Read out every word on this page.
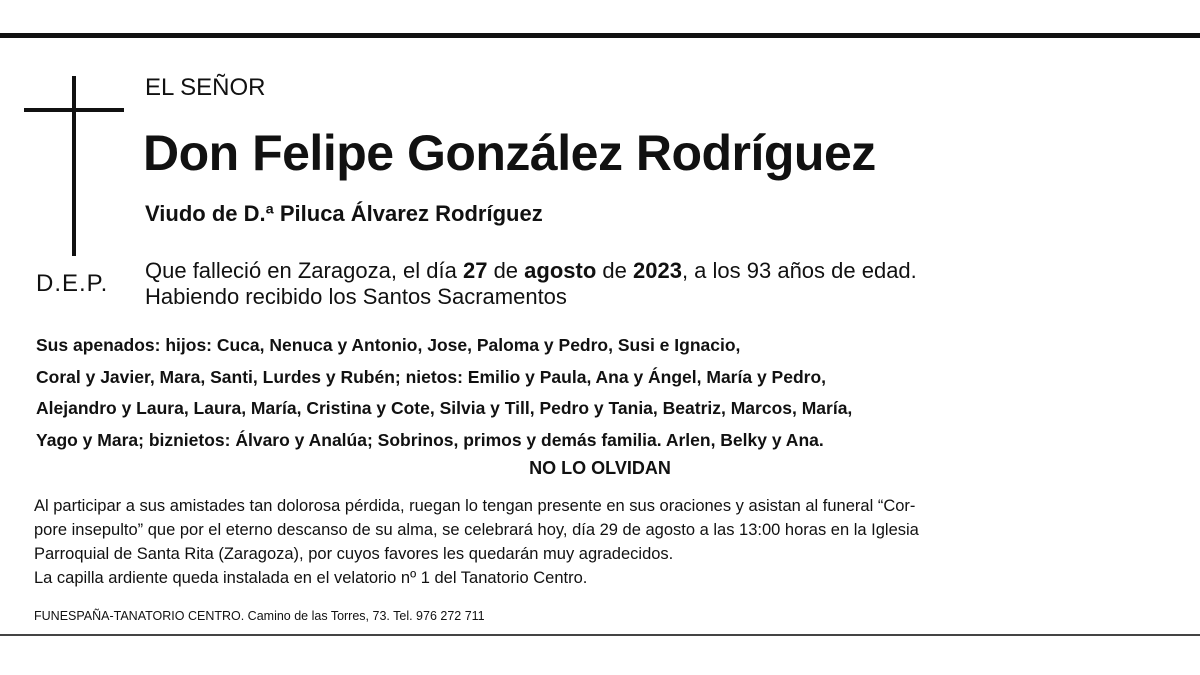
EL SEÑOR
Don Felipe González Rodríguez
Viudo de D.ª Piluca Álvarez Rodríguez
D.E.P. Que falleció en Zaragoza, el día 27 de agosto de 2023, a los 93 años de edad.
Habiendo recibido los Santos Sacramentos
Sus apenados: hijos: Cuca, Nenuca y Antonio, Jose, Paloma y Pedro, Susi e Ignacio,
Coral y Javier, Mara, Santi, Lurdes y Rubén; nietos: Emilio y Paula, Ana y Ángel, María y Pedro,
Alejandro y Laura, Laura, María, Cristina y Cote, Silvia y Till, Pedro y Tania, Beatriz, Marcos, María,
Yago y Mara; biznietos: Álvaro y Analúa; Sobrinos, primos y demás familia. Arlen, Belky y Ana.
NO LO OLVIDAN
Al participar a sus amistades tan dolorosa pérdida, ruegan lo tengan presente en sus oraciones y asistan al funeral “Cor-
pore insepulto” que por el eterno descanso de su alma, se celebrará hoy, día 29 de agosto a las 13:00 horas en la Iglesia
Parroquial de Santa Rita (Zaragoza), por cuyos favores les quedarán muy agradecidos.
La capilla ardiente queda instalada en el velatorio nº 1 del Tanatorio Centro.
FUNESPAÑA-TANATORIO CENTRO. Camino de las Torres, 73. Tel. 976 272 711
